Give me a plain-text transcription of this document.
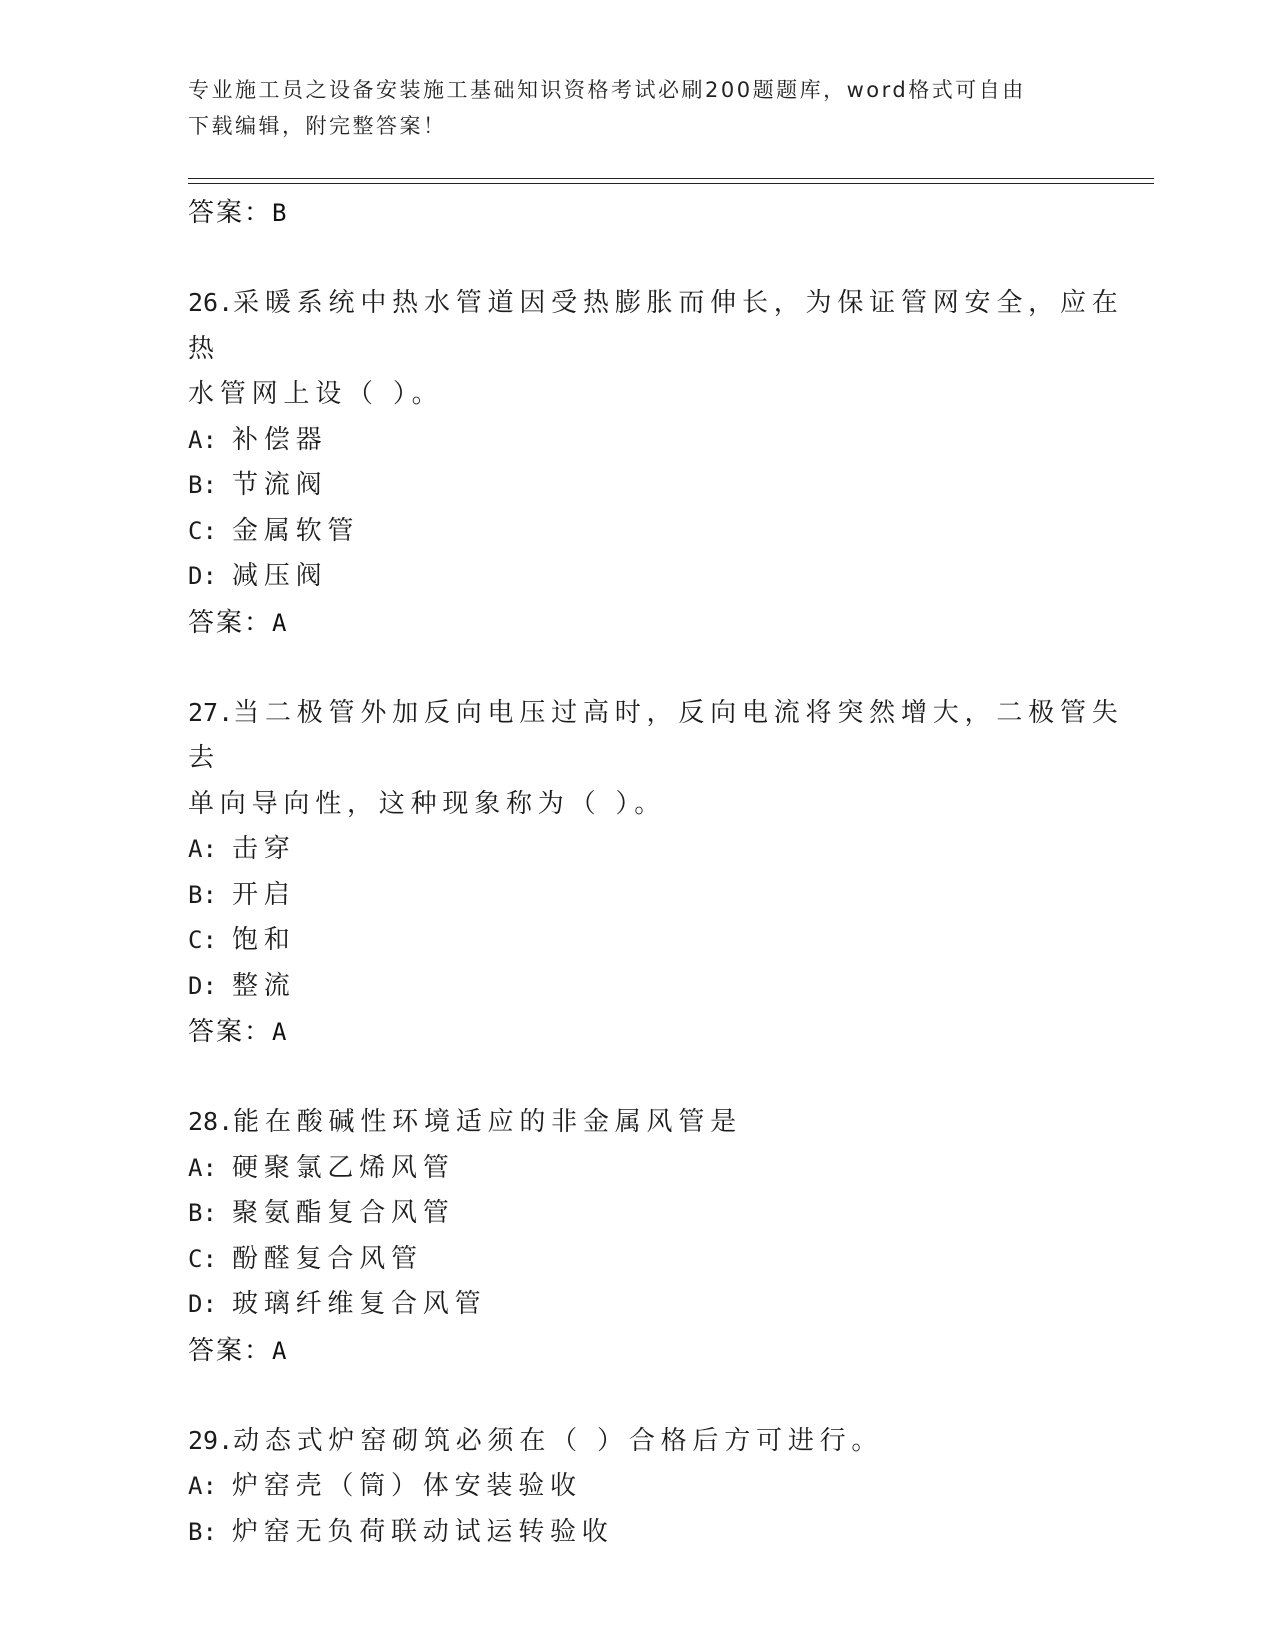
专业施工员之设备安装施工基础知识资格考试必刷200题题库，word格式可自由
下载编辑，附完整答案！
答案：B
26.采暖系统中热水管道因受热膨胀而伸长，为保证管网安全，应在热
水管网上设（ ）。
A: 补偿器
B: 节流阀
C: 金属软管
D: 减压阀
答案：A
27.当二极管外加反向电压过高时，反向电流将突然增大，二极管失去
单向导向性，这种现象称为（ ）。
A: 击穿
B: 开启
C: 饱和
D: 整流
答案：A
28.能在酸碱性环境适应的非金属风管是
A: 硬聚氯乙烯风管
B: 聚氨酯复合风管
C: 酚醛复合风管
D: 玻璃纤维复合风管
答案：A
29.动态式炉窑砌筑必须在（ ）合格后方可进行。
A: 炉窑壳（筒）体安装验收
B: 炉窑无负荷联动试运转验收
